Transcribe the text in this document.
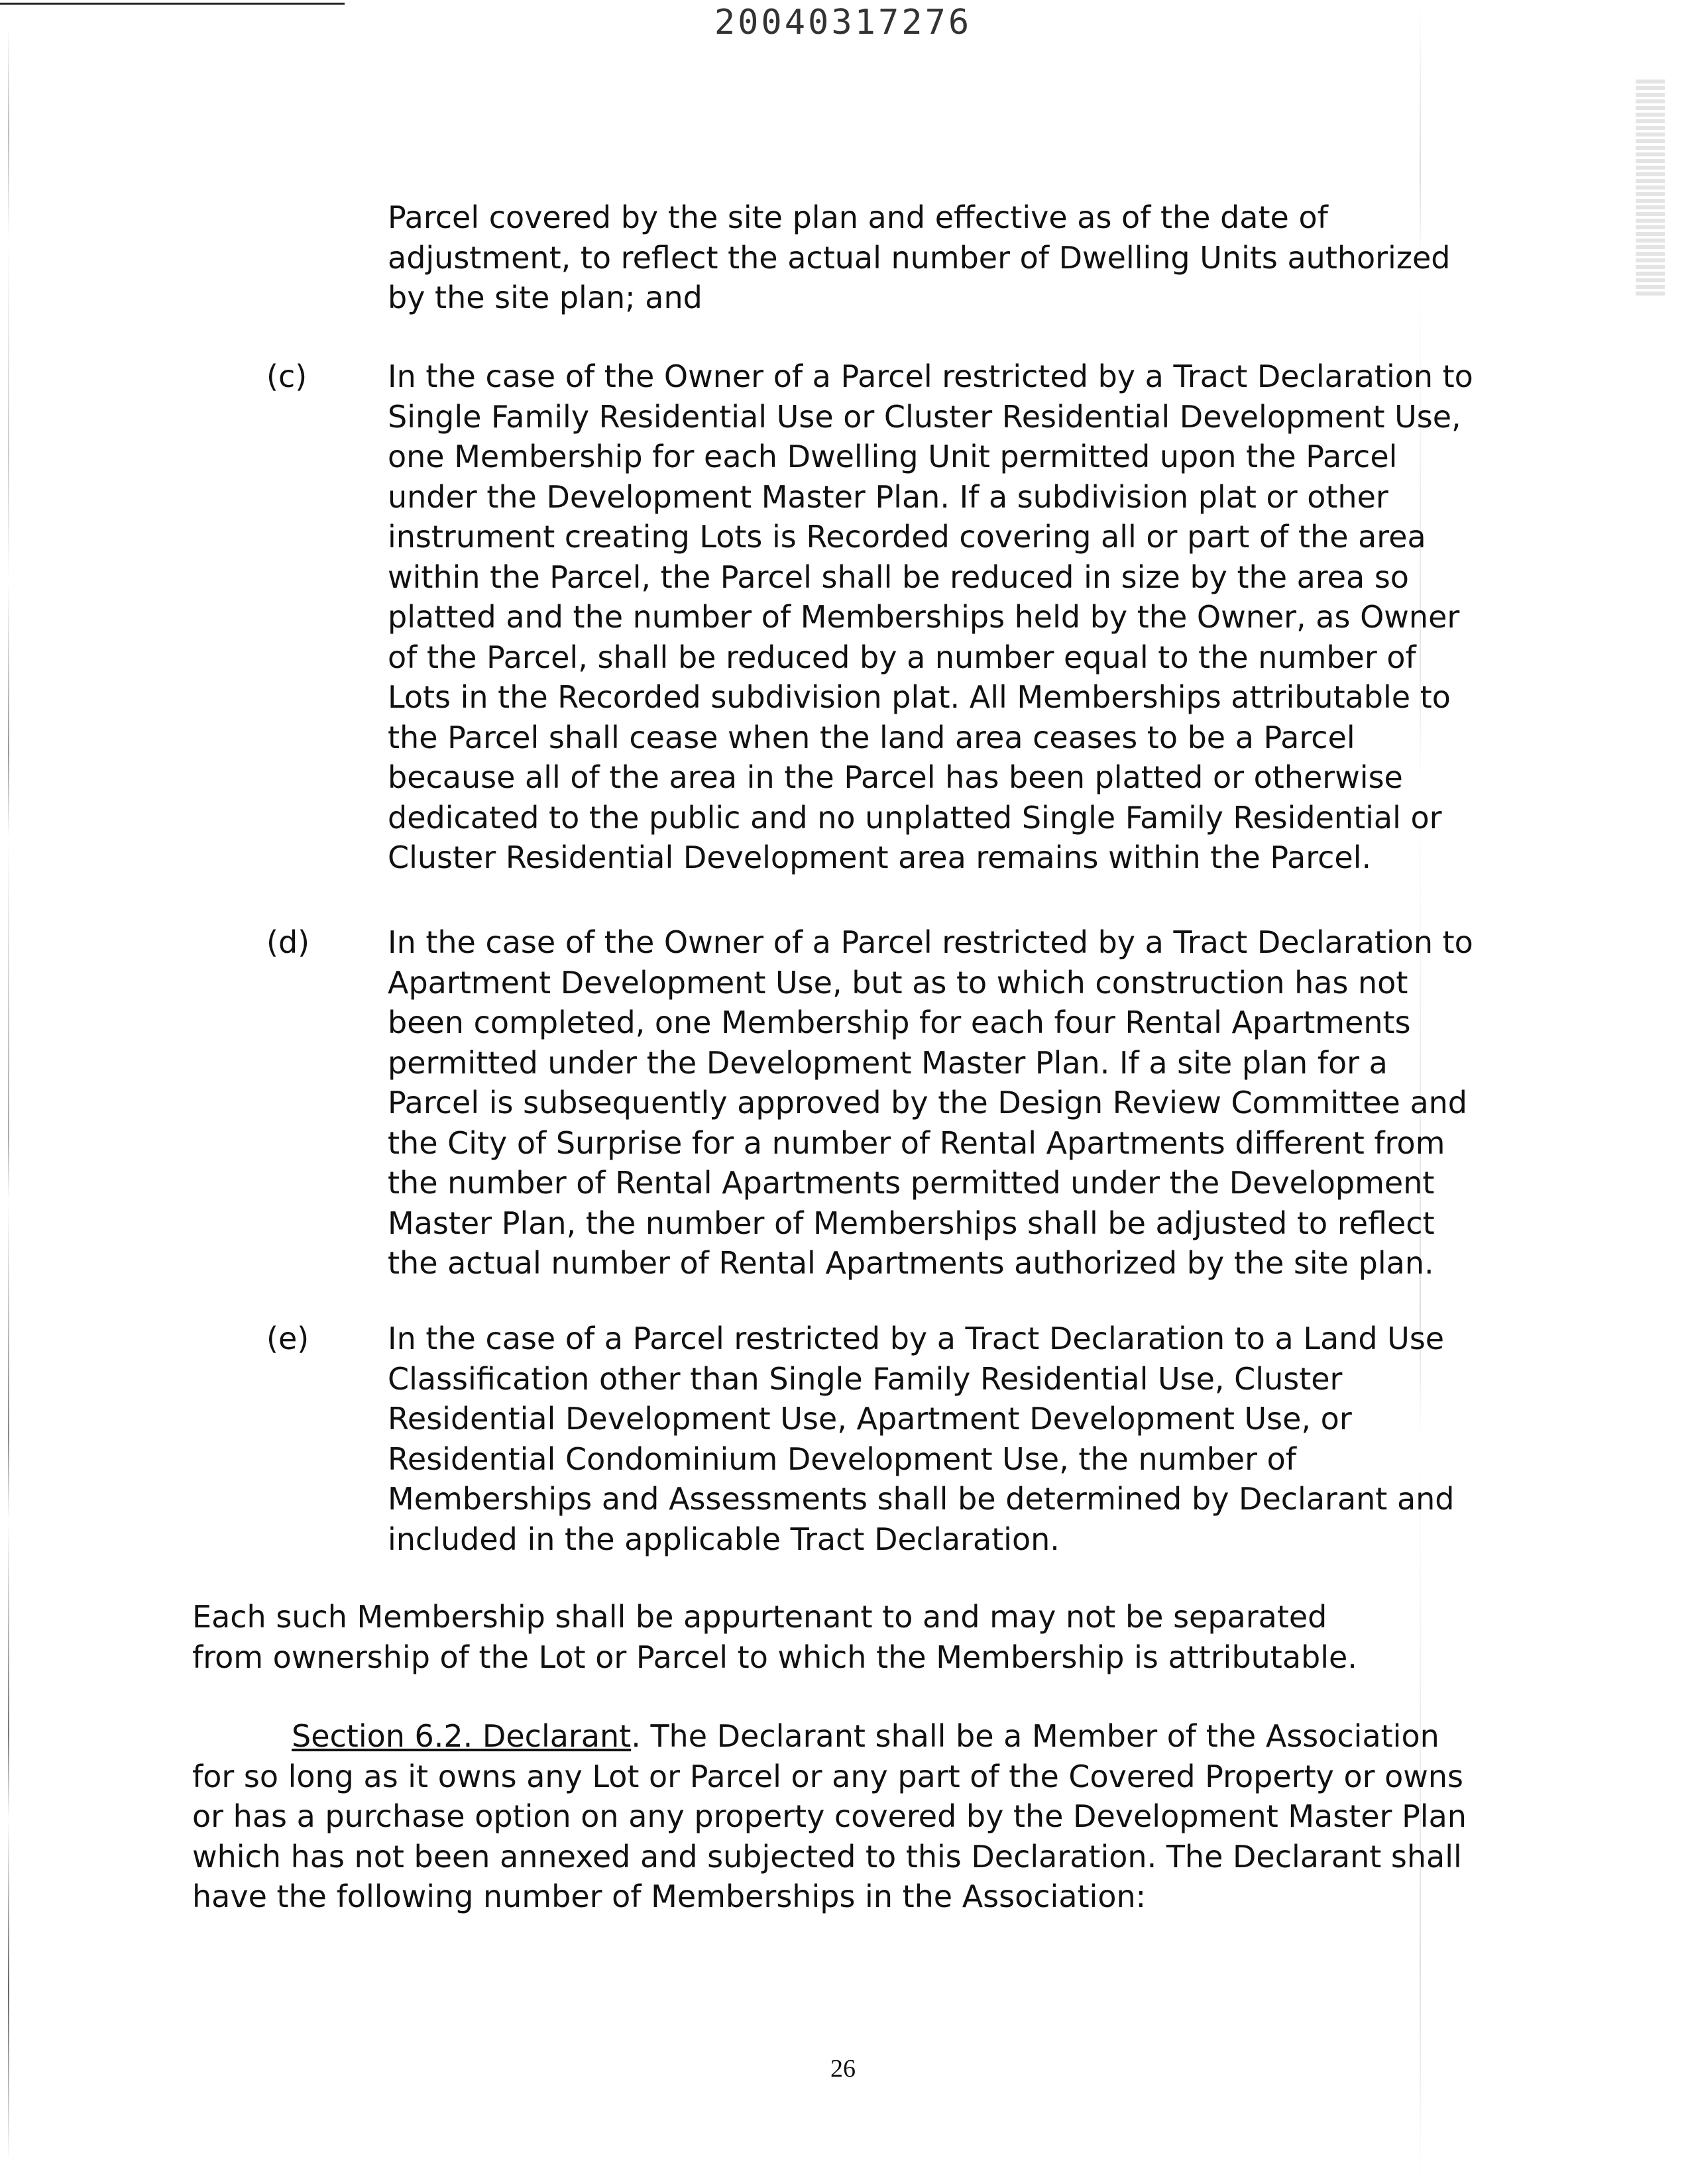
20040317276

Parcel covered by the site plan and effective as of the date of adjustment, to reflect the actual number of Dwelling Units authorized by the site plan; and

(c)	In the case of the Owner of a Parcel restricted by a Tract Declaration to Single Family Residential Use or Cluster Residential Development Use, one Membership for each Dwelling Unit permitted upon the Parcel under the Development Master Plan. If a subdivision plat or other instrument creating Lots is Recorded covering all or part of the area within the Parcel, the Parcel shall be reduced in size by the area so platted and the number of Memberships held by the Owner, as Owner of the Parcel, shall be reduced by a number equal to the number of Lots in the Recorded subdivision plat. All Memberships attributable to the Parcel shall cease when the land area ceases to be a Parcel because all of the area in the Parcel has been platted or otherwise dedicated to the public and no unplatted Single Family Residential or Cluster Residential Development area remains within the Parcel.

(d)	In the case of the Owner of a Parcel restricted by a Tract Declaration to Apartment Development Use, but as to which construction has not been completed, one Membership for each four Rental Apartments permitted under the Development Master Plan. If a site plan for a Parcel is subsequently approved by the Design Review Committee and the City of Surprise for a number of Rental Apartments different from the number of Rental Apartments permitted under the Development Master Plan, the number of Memberships shall be adjusted to reflect the actual number of Rental Apartments authorized by the site plan.

(e)	In the case of a Parcel restricted by a Tract Declaration to a Land Use Classification other than Single Family Residential Use, Cluster Residential Development Use, Apartment Development Use, or Residential Condominium Development Use, the number of Memberships and Assessments shall be determined by Declarant and included in the applicable Tract Declaration.

Each such Membership shall be appurtenant to and may not be separated from ownership of the Lot or Parcel to which the Membership is attributable.

Section 6.2. Declarant. The Declarant shall be a Member of the Association for so long as it owns any Lot or Parcel or any part of the Covered Property or owns or has a purchase option on any property covered by the Development Master Plan which has not been annexed and subjected to this Declaration. The Declarant shall have the following number of Memberships in the Association:

26
